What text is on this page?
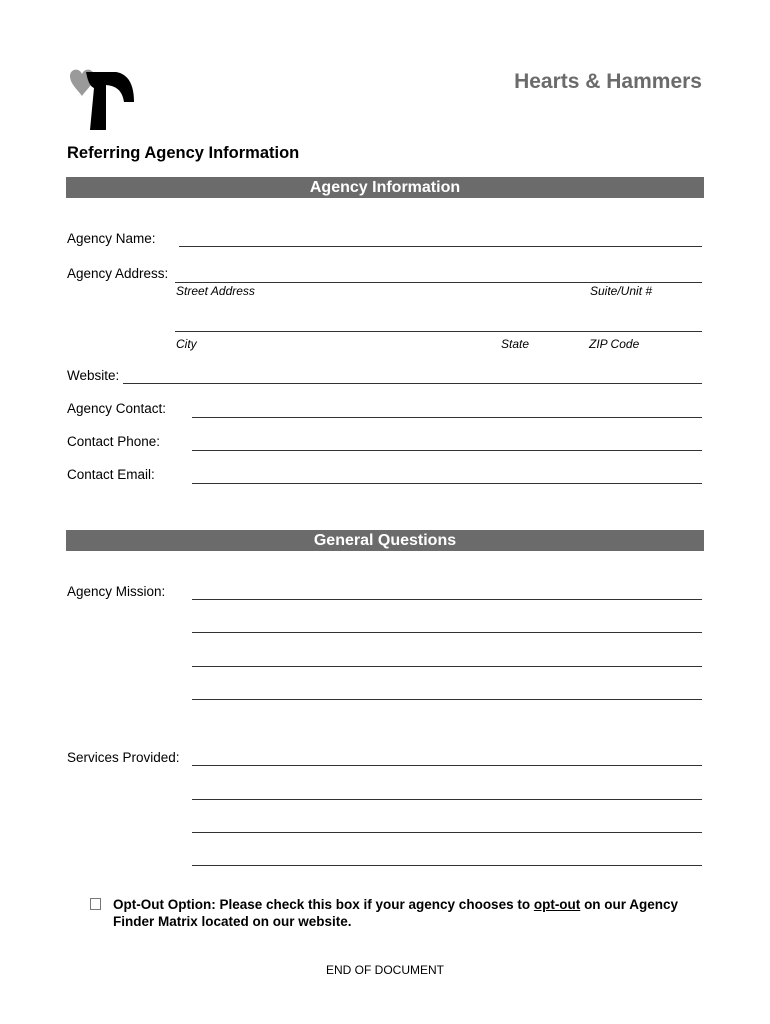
Hearts & Hammers
Referring Agency Information
Agency Information
Agency Name:
Agency Address:
Street Address	Suite/Unit #
City	State	ZIP Code
Website:
Agency Contact:
Contact Phone:
Contact Email:
General Questions
Agency Mission:
Services Provided:
Opt-Out Option: Please check this box if your agency chooses to opt-out on our Agency Finder Matrix located on our website.
END OF DOCUMENT
